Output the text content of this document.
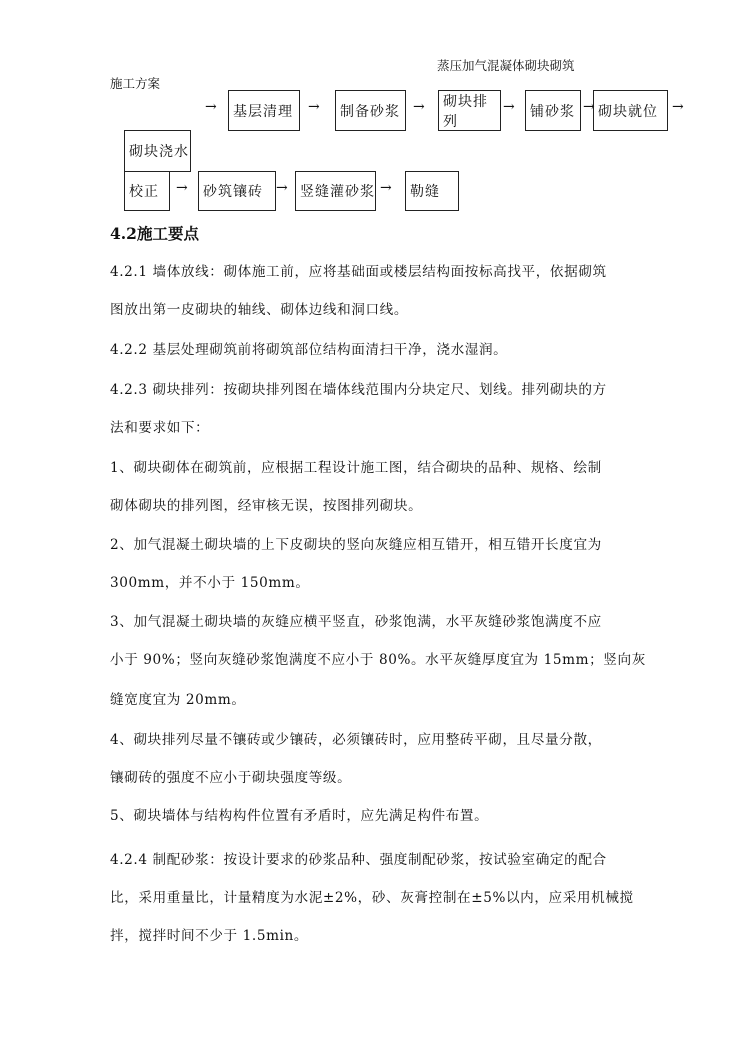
蒸压加气混凝体砌块砌筑
施工方案
→	基层清理	→	制备砂浆 →	砌块排列
→	铺砂浆 → 砌块就位	→
砌块浇水
校正	→	砂筑镶砖 → 竖缝灌砂浆 →	勒缝
4.2施工要点
4.2.1 墙体放线：砌体施工前，应将基础面或楼层结构面按标高找平，依据砌筑
图放出第一皮砌块的轴线、砌体边线和洞口线。
4.2.2 基层处理砌筑前将砌筑部位结构面清扫干净，浇水湿润。
4.2.3 砌块排列：按砌块排列图在墙体线范围内分块定尺、划线。排列砌块的方
法和要求如下：
1、砌块砌体在砌筑前，应根据工程设计施工图，结合砌块的品种、规格、绘制
砌体砌块的排列图，经审核无误，按图排列砌块。
2、加气混凝土砌块墙的上下皮砌块的竖向灰缝应相互错开，相互错开长度宜为
300mm，并不小于 150mm。
3、加气混凝土砌块墙的灰缝应横平竖直，砂浆饱满，水平灰缝砂浆饱满度不应
小于 90%；竖向灰缝砂浆饱满度不应小于 80%。水平灰缝厚度宜为 15mm；竖向灰
缝宽度宜为 20mm。
4、砌块排列尽量不镶砖或少镶砖，必须镶砖时，应用整砖平砌，且尽量分散，
镶砌砖的强度不应小于砌块强度等级。
5、砌块墙体与结构构件位置有矛盾时，应先满足构件布置。
4.2.4 制配砂浆：按设计要求的砂浆品种、强度制配砂浆，按试验室确定的配合
比，采用重量比，计量精度为水泥±2%，砂、灰膏控制在±5%以内，应采用机械搅
拌，搅拌时间不少于 1.5min。
